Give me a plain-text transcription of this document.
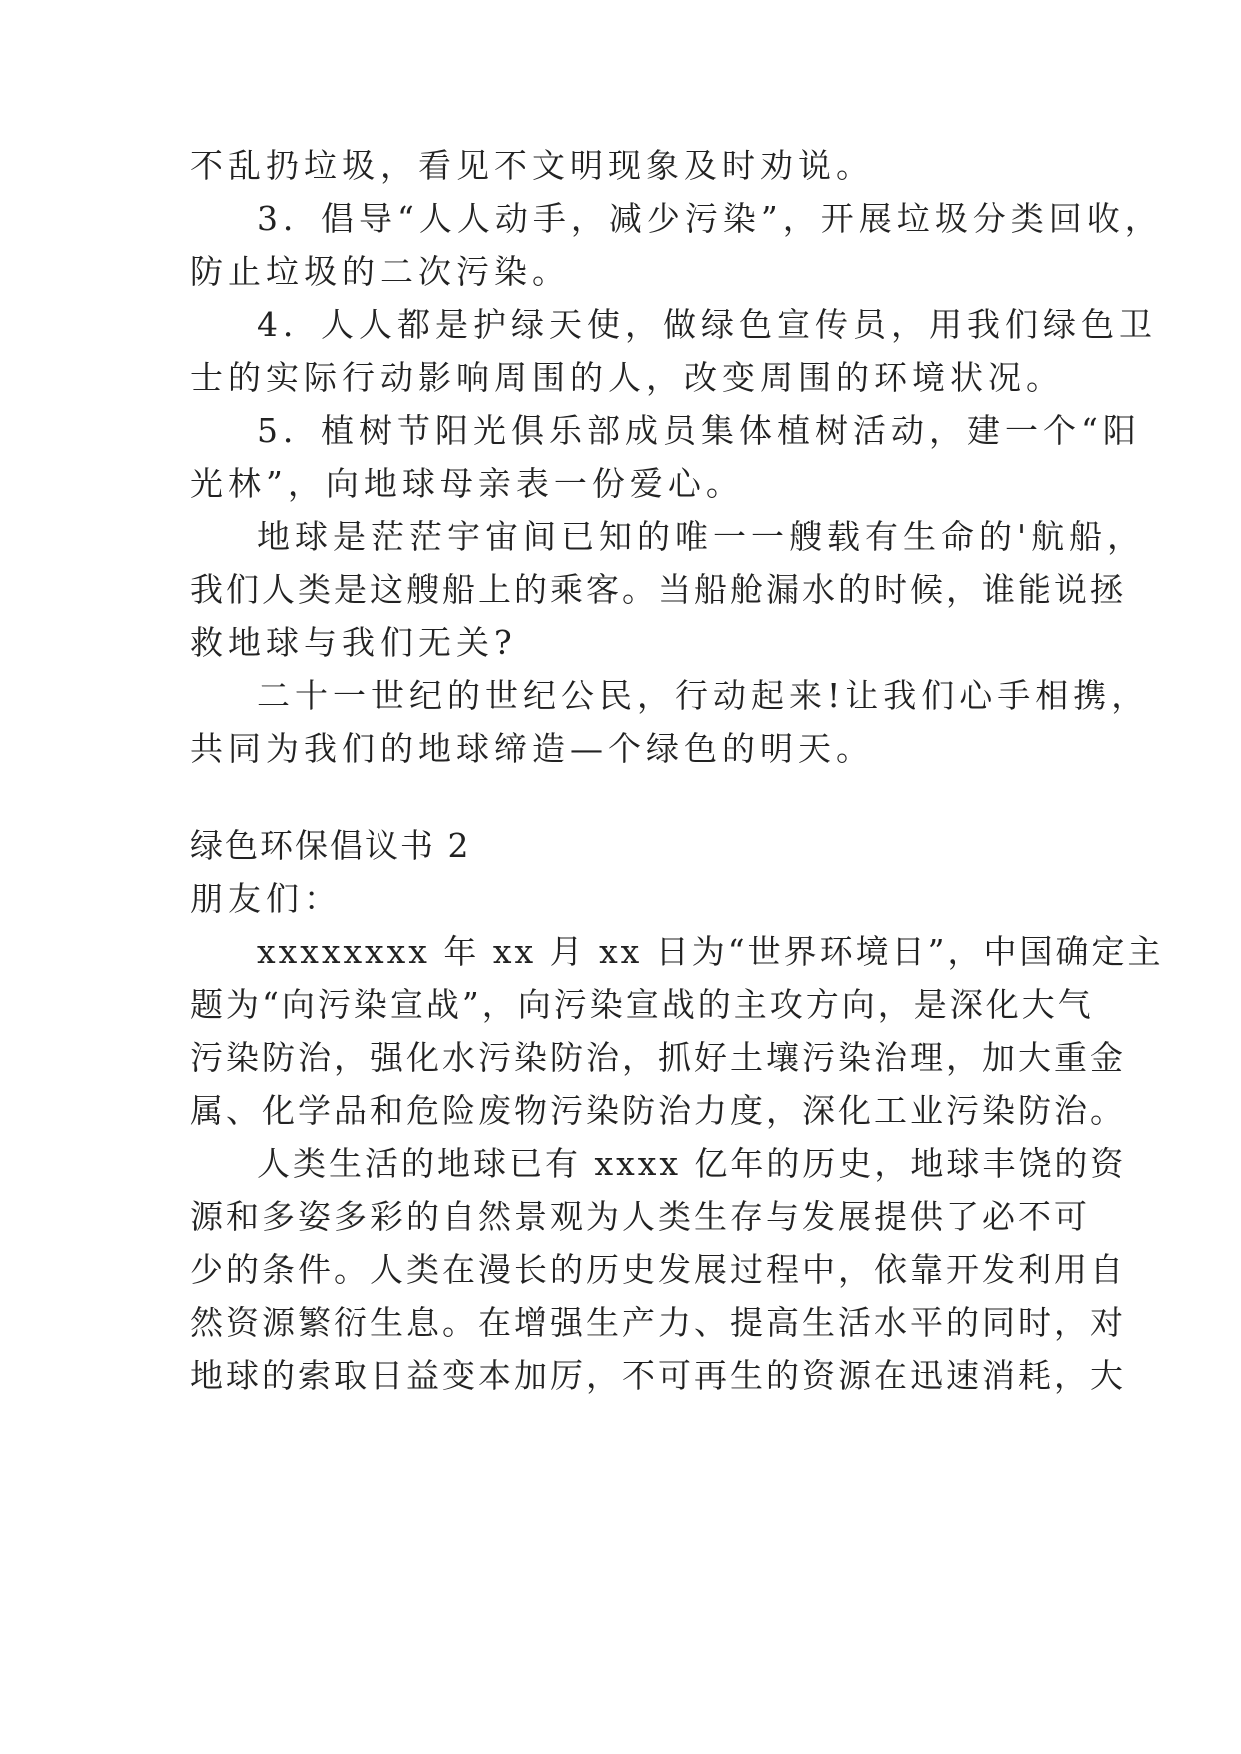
不乱扔垃圾，看见不文明现象及时劝说。
3．倡导“人人动手，减少污染”，开展垃圾分类回收，
防止垃圾的二次污染。
4．人人都是护绿天使，做绿色宣传员，用我们绿色卫
士的实际行动影响周围的人，改变周围的环境状况。
5．植树节阳光俱乐部成员集体植树活动，建一个“阳
光林”，向地球母亲表一份爱心。
地球是茫茫宇宙间已知的唯一一艘载有生命的'航船，
我们人类是这艘船上的乘客。当船舱漏水的时候，谁能说拯
救地球与我们无关?
二十一世纪的世纪公民，行动起来!让我们心手相携，
共同为我们的地球缔造—个绿色的明天。
绿色环保倡议书 2
朋友们：
xxxxxxxx 年 xx 月 xx 日为“世界环境日”，中国确定主
题为“向污染宣战”，向污染宣战的主攻方向，是深化大气
污染防治，强化水污染防治，抓好土壤污染治理，加大重金
属、化学品和危险废物污染防治力度，深化工业污染防治。
人类生活的地球已有 xxxx 亿年的历史，地球丰饶的资
源和多姿多彩的自然景观为人类生存与发展提供了必不可
少的条件。人类在漫长的历史发展过程中，依靠开发利用自
然资源繁衍生息。在增强生产力、提高生活水平的同时，对
地球的索取日益变本加厉，不可再生的资源在迅速消耗，大
